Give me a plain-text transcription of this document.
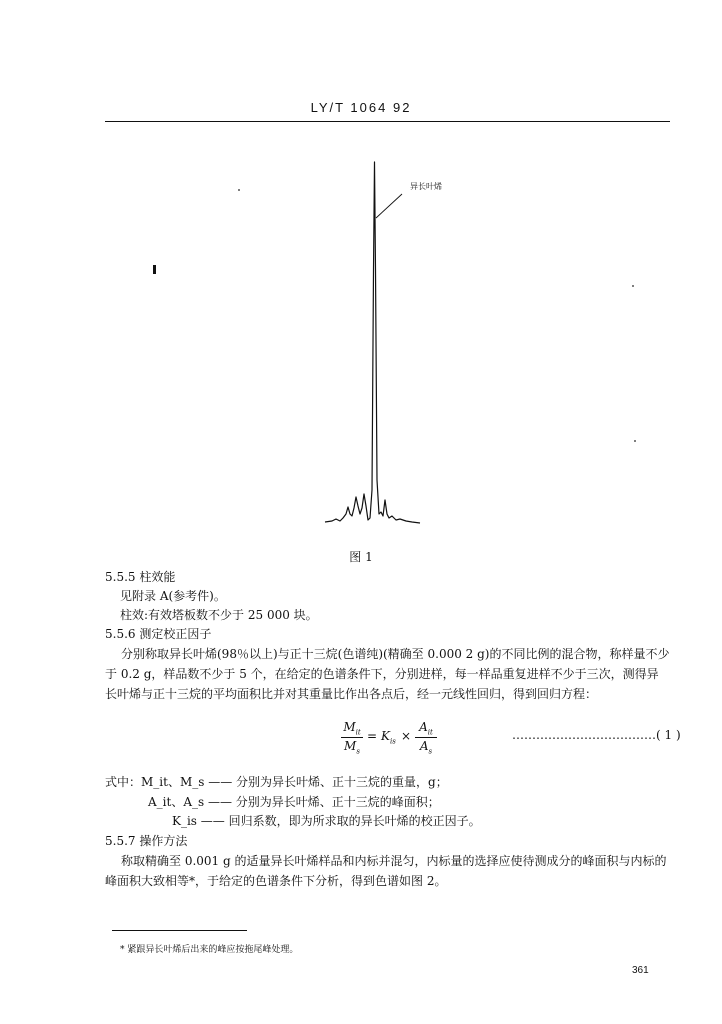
LY/T 1064 92
异长叶烯
图 1
5.5.5 柱效能
见附录 A(参考件)。
柱效:有效塔板数不少于 25 000 块。
5.5.6 测定校正因子
分别称取异长叶烯(98％以上)与正十三烷(色谱纯)(精确至 0.000 2 g)的不同比例的混合物，称样量不少于 0.2 g，样品数不少于 5 个，在给定的色谱条件下，分别进样，每一样品重复进样不少于三次，测得异长叶烯与正十三烷的平均面积比并对其重量比作出各点后，经一元线性回归，得到回归方程：
$M_{it}$
$M_s$
= $K_{is}$ ×
$A_{it}$
$A_s$
………………………………( 1 )
式中：M_it、M_s —— 分别为异长叶烯、正十三烷的重量，g；
A_it、A_s —— 分别为异长叶烯、正十三烷的峰面积；
K_is —— 回归系数，即为所求取的异长叶烯的校正因子。
5.5.7 操作方法
称取精确至 0.001 g 的适量异长叶烯样品和内标并混匀，内标量的选择应使待测成分的峰面积与内标的峰面积大致相等*，于给定的色谱条件下分析，得到色谱如图 2。
* 紧跟异长叶烯后出来的峰应按拖尾峰处理。
361
